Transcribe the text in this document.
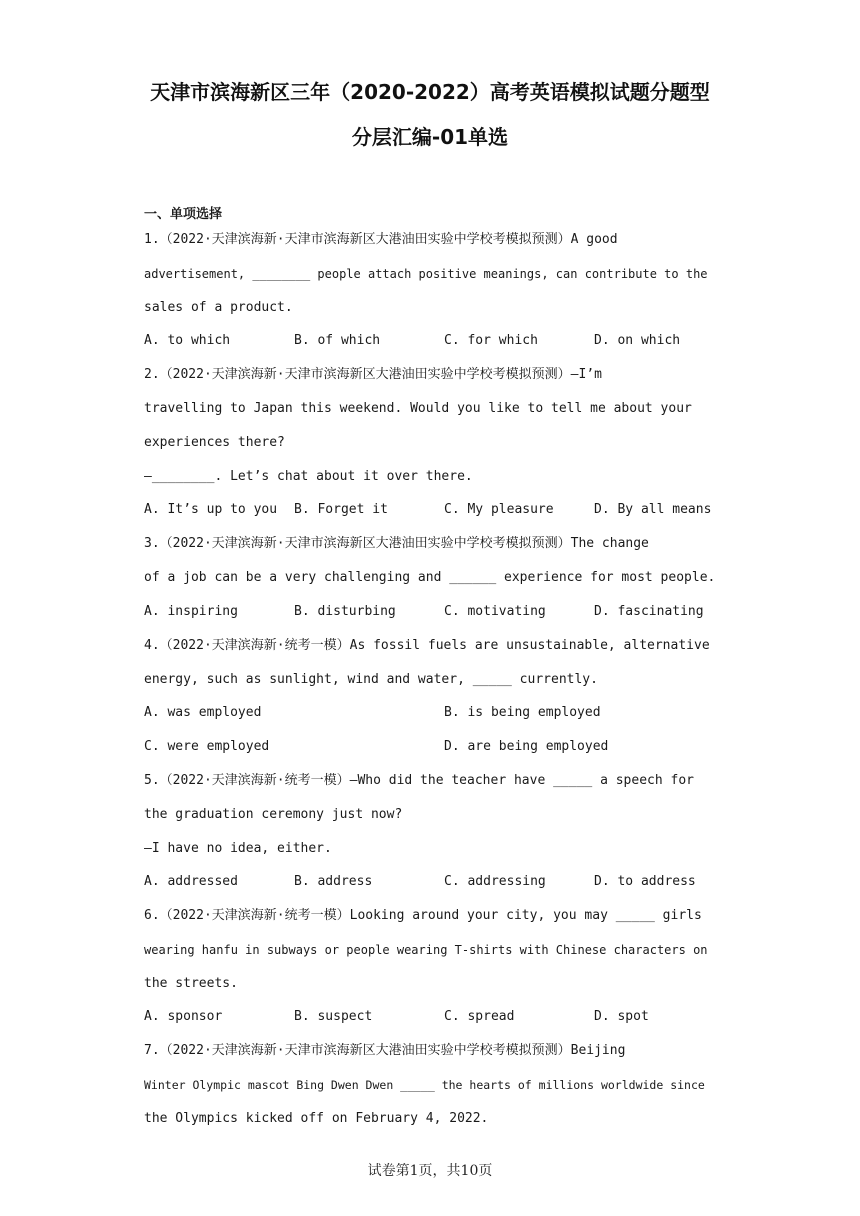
天津市滨海新区三年（2020-2022）高考英语模拟试题分题型
分层汇编-01单选
一、单项选择
1.（2022·天津滨海新·天津市滨海新区大港油田实验中学校考模拟预测）A good
advertisement, ________ people attach positive meanings, can contribute to the
sales of a product.
A. to which	B. of which	C. for which	D. on which
2.（2022·天津滨海新·天津市滨海新区大港油田实验中学校考模拟预测）—I’m
travelling to Japan this weekend. Would you like to tell me about your
experiences there?
—________. Let’s chat about it over there.
A. It’s up to you B. Forget it	C. My pleasure	D. By all means
3.（2022·天津滨海新·天津市滨海新区大港油田实验中学校考模拟预测）The change
of a job can be a very challenging and ______ experience for most people.
A. inspiring	B. disturbing	C. motivating	D. fascinating
4.（2022·天津滨海新·统考一模）As fossil fuels are unsustainable, alternative
energy, such as sunlight, wind and water, _____ currently.
A. was employed	B. is being employed
C. were employed	D. are being employed
5.（2022·天津滨海新·统考一模）—Who did the teacher have _____ a speech for
the graduation ceremony just now?
—I have no idea, either.
A. addressed	B. address	C. addressing	D. to address
6.（2022·天津滨海新·统考一模）Looking around your city, you may _____ girls
wearing hanfu in subways or people wearing T-shirts with Chinese characters on
the streets.
A. sponsor	B. suspect	C. spread	D. spot
7.（2022·天津滨海新·天津市滨海新区大港油田实验中学校考模拟预测）Beijing
Winter Olympic mascot Bing Dwen Dwen _____ the hearts of millions worldwide since
the Olympics kicked off on February 4, 2022.
试卷第1页，共10页
